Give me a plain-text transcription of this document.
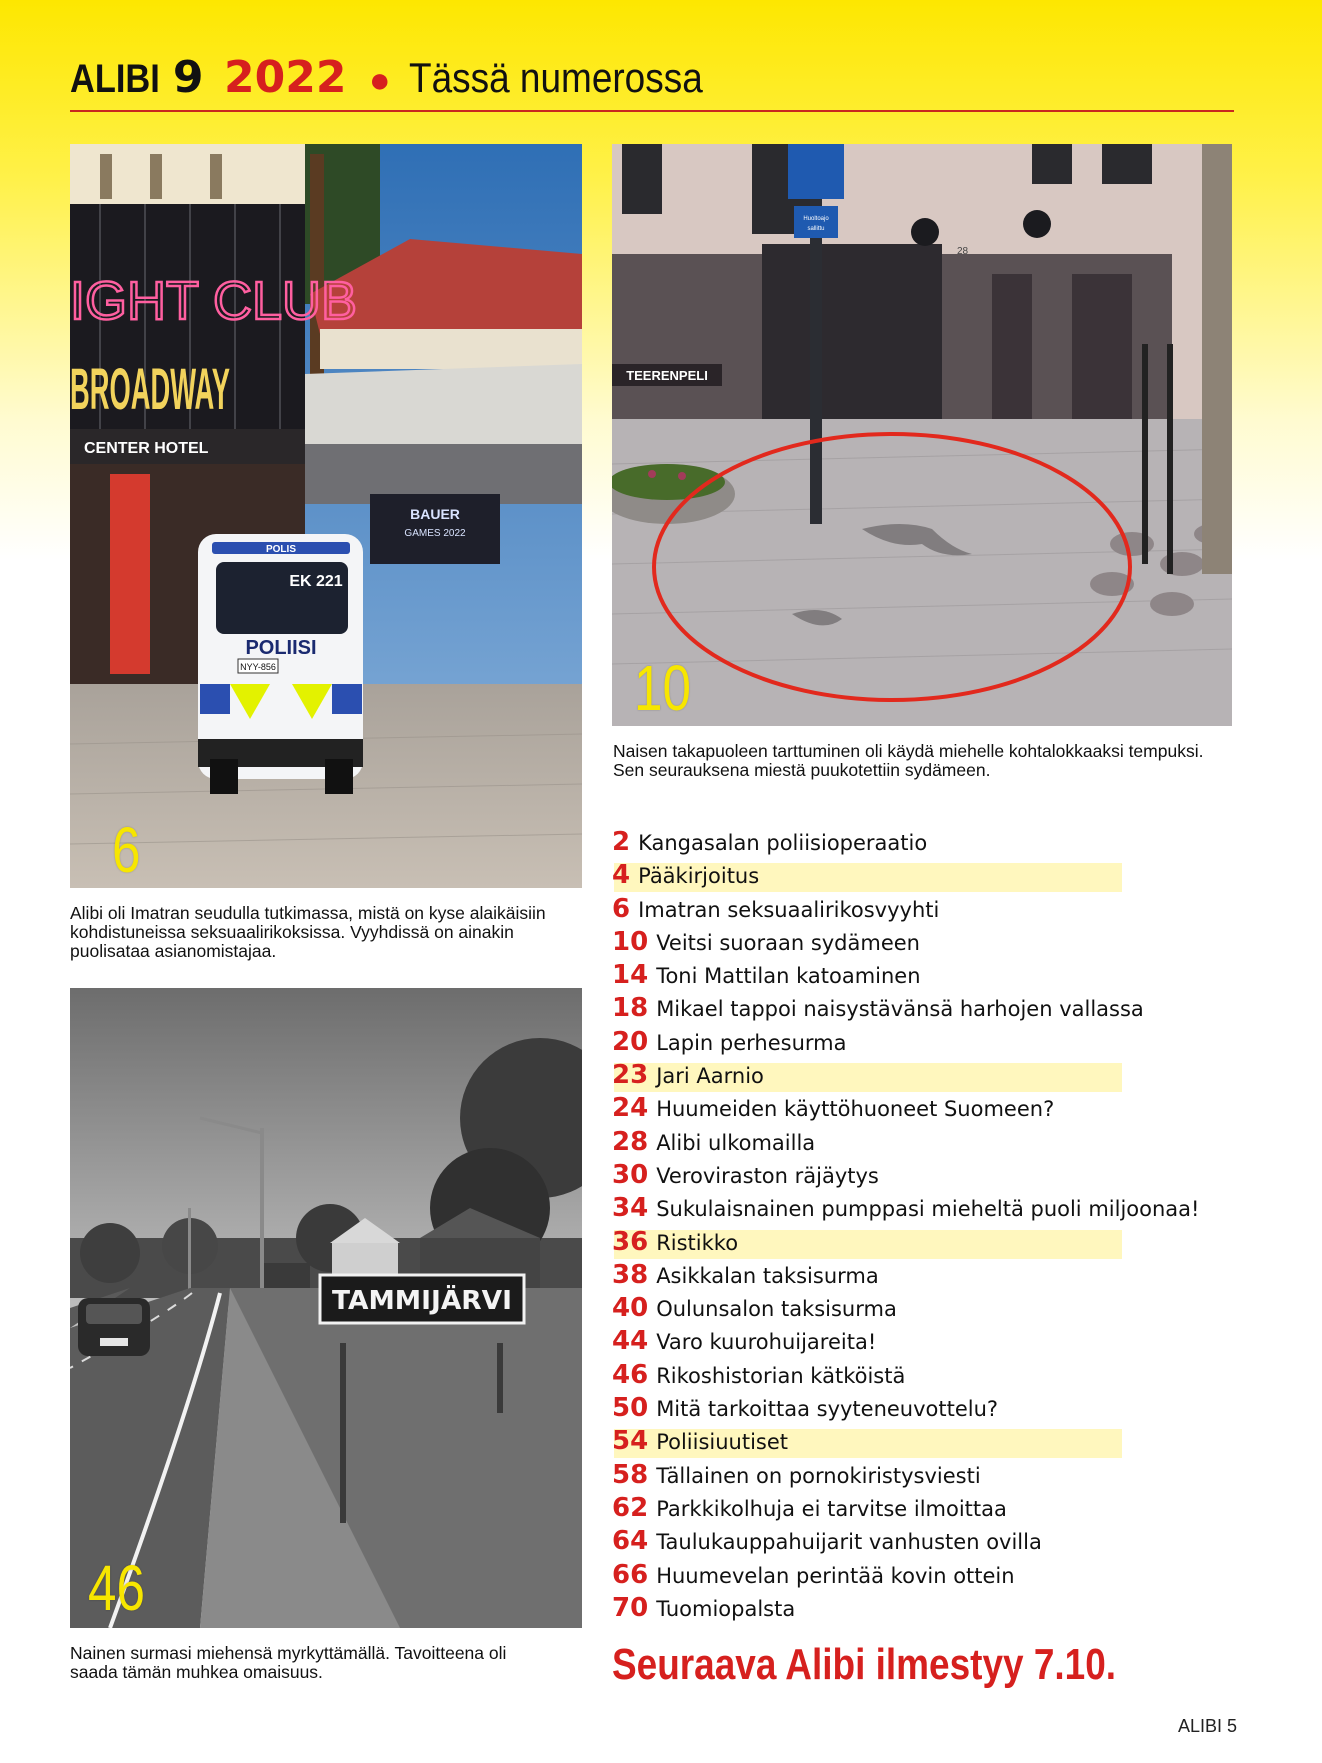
ALIBI 9 2022 ● Tässä numerossa
IGHT CLUB
BROADWAY
CENTER HOTEL
BAUER
GAMES 2022
POLIS
EK 221
POLIISI
NYY-856
6
Alibi oli Imatran seudulla tutkimassa, mistä on kyse alaikäisiin kohdistuneissa seksuaalirikoksissa. Vyyhdissä on ainakin puolisataa asianomistajaa.
TEERENPELI
28
Huoltoajo
sallittu
10
Naisen takapuoleen tarttuminen oli käydä miehelle kohtalokkaaksi tempuksi. Sen seurauksena miestä puukotettiin sydämeen.
TAMMIJÄRVI
46
Nainen surmasi miehensä myrkyttämällä. Tavoitteena oli saada tämän muhkea omaisuus.
2 Kangasalan poliisioperaatio
4 Pääkirjoitus
6 Imatran seksuaalirikosvyyhti
10 Veitsi suoraan sydämeen
14 Toni Mattilan katoaminen
18 Mikael tappoi naisystävänsä harhojen vallassa
20 Lapin perhesurma
23 Jari Aarnio
24 Huumeiden käyttöhuoneet Suomeen?
28 Alibi ulkomailla
30 Veroviraston räjäytys
34 Sukulaisnainen pumppasi mieheltä puoli miljoonaa!
36 Ristikko
38 Asikkalan taksisurma
40 Oulunsalon taksisurma
44 Varo kuurohuijareita!
46 Rikoshistorian kätköistä
50 Mitä tarkoittaa syyteneuvottelu?
54 Poliisiuutiset
58 Tällainen on pornokiristysviesti
62 Parkkikolhuja ei tarvitse ilmoittaa
64 Taulukauppahuijarit vanhusten ovilla
66 Huumevelan perintää kovin ottein
70 Tuomiopalsta
Seuraava Alibi ilmestyy 7.10.
ALIBI 5
